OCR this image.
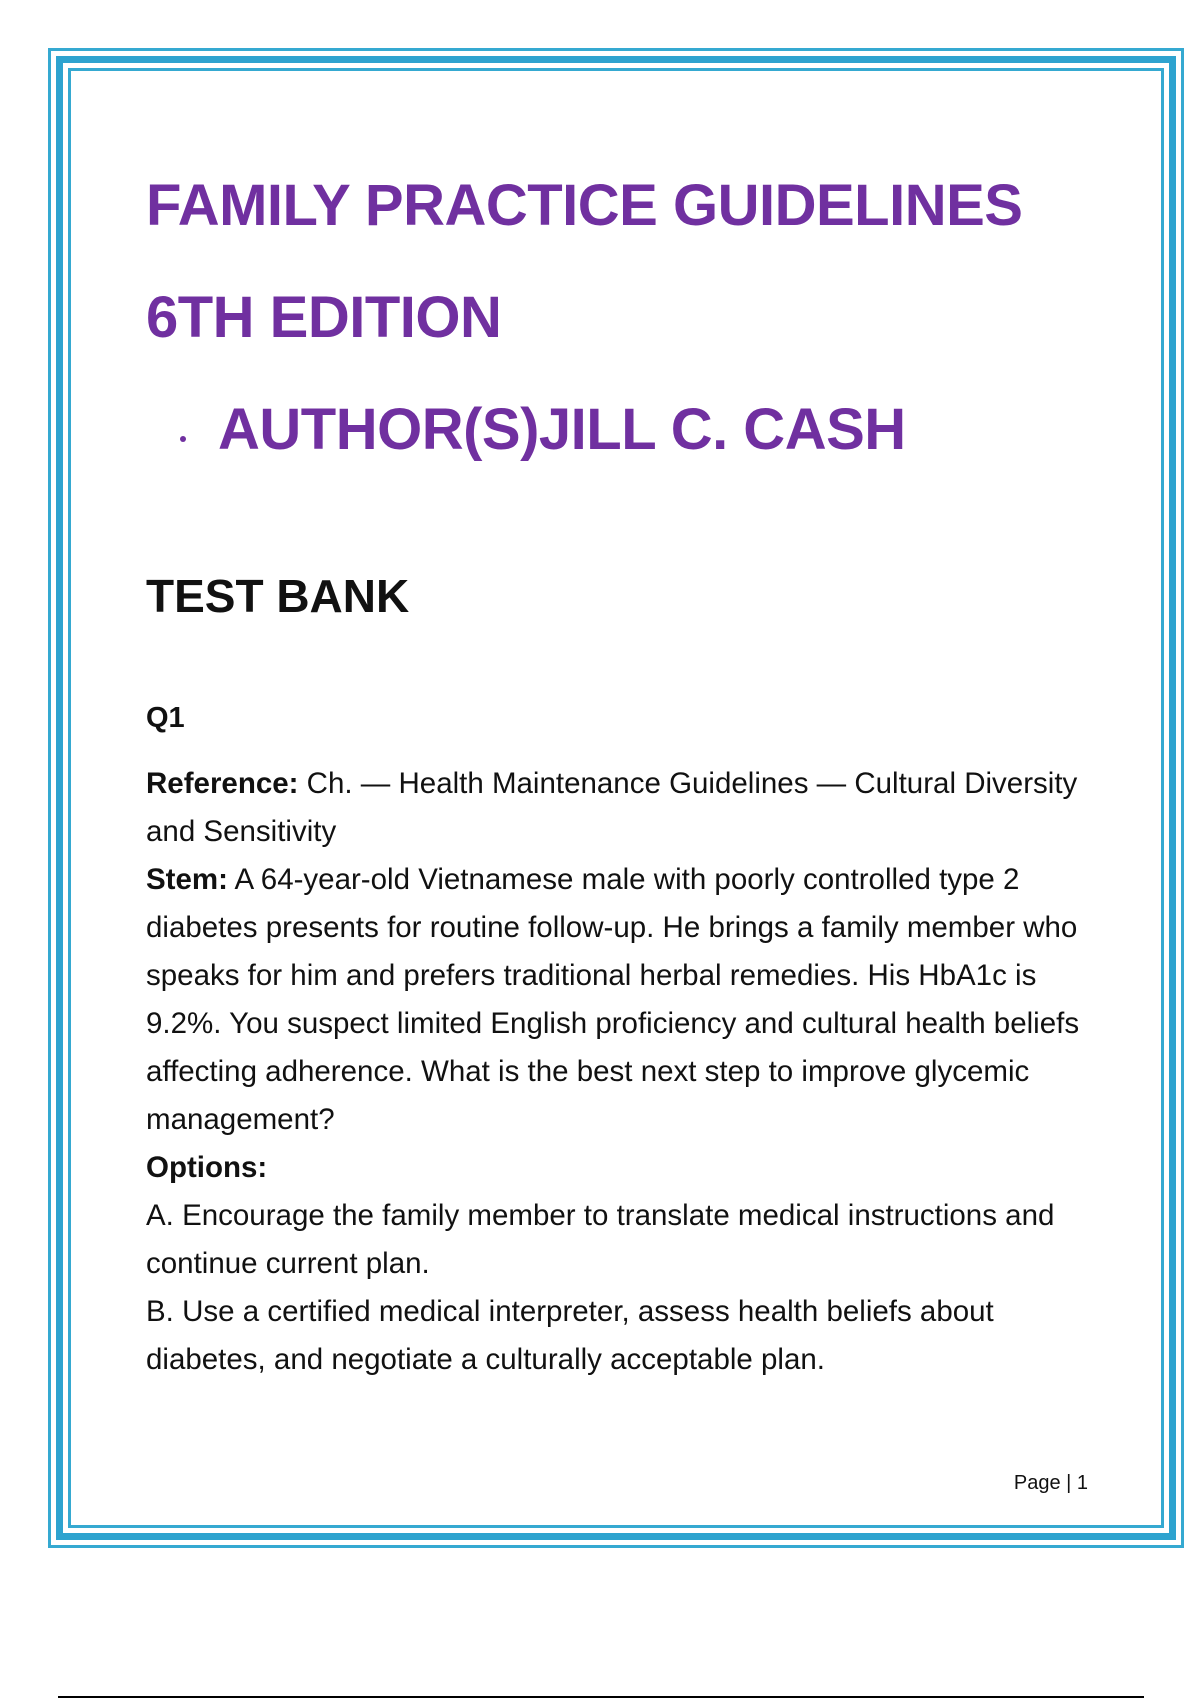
FAMILY PRACTICE GUIDELINES
6TH EDITION
AUTHOR(S)JILL C. CASH
TEST BANK
Q1
Reference: Ch. — Health Maintenance Guidelines — Cultural Diversity and Sensitivity
Stem: A 64-year-old Vietnamese male with poorly controlled type 2 diabetes presents for routine follow-up. He brings a family member who speaks for him and prefers traditional herbal remedies. His HbA1c is 9.2%. You suspect limited English proficiency and cultural health beliefs affecting adherence. What is the best next step to improve glycemic management?
Options:
A. Encourage the family member to translate medical instructions and continue current plan.
B. Use a certified medical interpreter, assess health beliefs about diabetes, and negotiate a culturally acceptable plan.
Page | 1
